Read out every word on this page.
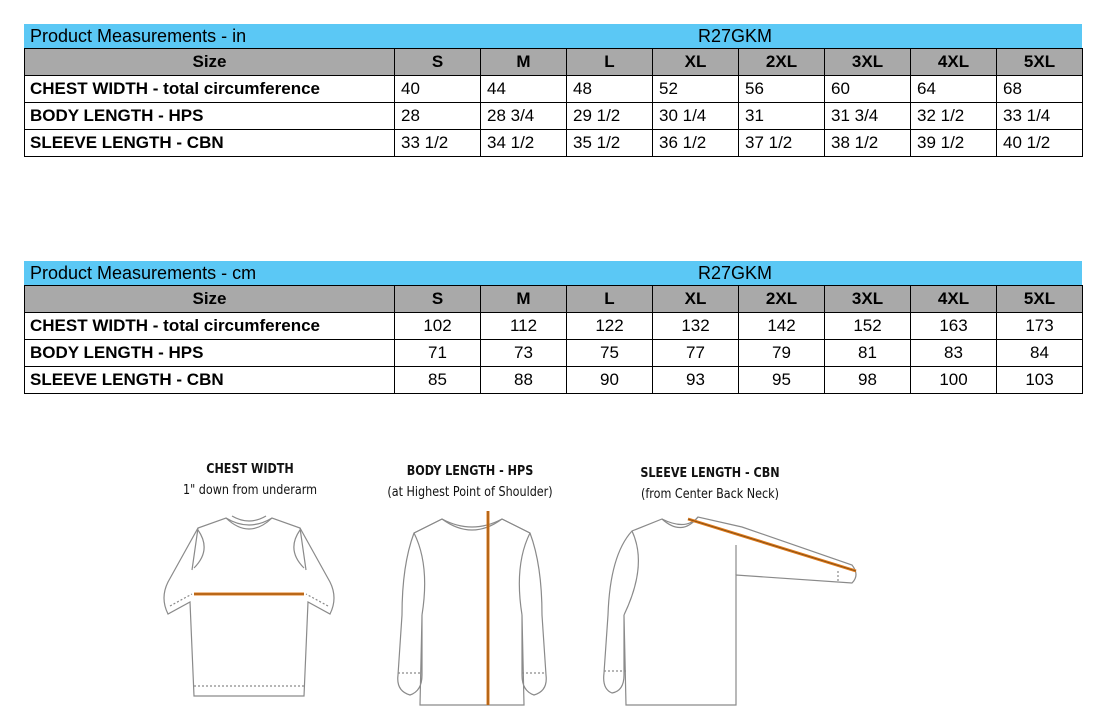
Product Measurements - in	R27GKM
Size	S	M	L	XL	2XL	3XL	4XL	5XL
CHEST WIDTH - total circumference	40	44	48	52	56	60	64	68
BODY LENGTH - HPS	28	28 3/4	29 1/2	30 1/4	31	31 3/4	32 1/2	33 1/4
SLEEVE LENGTH - CBN	33 1/2	34 1/2	35 1/2	36 1/2	37 1/2	38 1/2	39 1/2	40 1/2
Product Measurements - cm	R27GKM
Size	S	M	L	XL	2XL	3XL	4XL	5XL
CHEST WIDTH - total circumference	102	112	122	132	142	152	163	173
BODY LENGTH - HPS	71	73	75	77	79	81	83	84
SLEEVE LENGTH - CBN	85	88	90	93	95	98	100	103
CHEST WIDTH
1" down from underarm
BODY LENGTH - HPS
(at Highest Point of Shoulder)
SLEEVE LENGTH - CBN
(from Center Back Neck)
